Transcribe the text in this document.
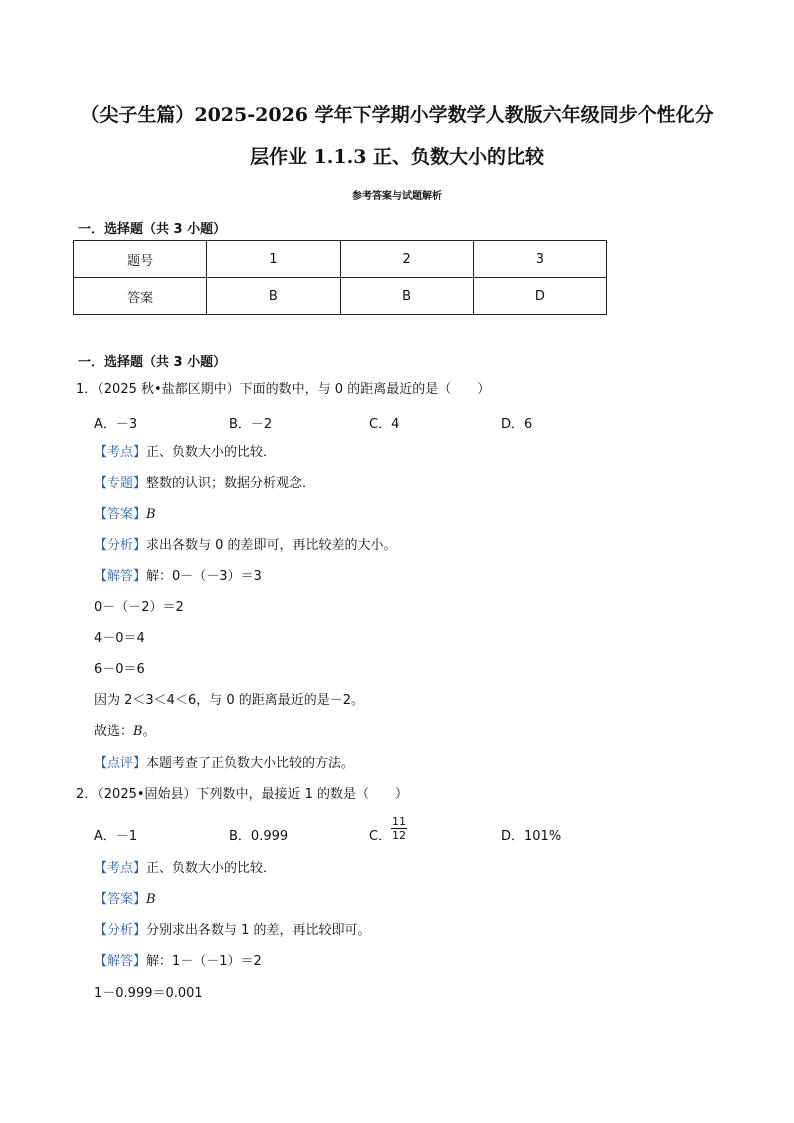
（尖子生篇）2025-2026 学年下学期小学数学人教版六年级同步个性化分
层作业 1.1.3 正、负数大小的比较
参考答案与试题解析
一．选择题（共 3 小题）
题号	1	2	3
答案	B	B	D
一．选择题（共 3 小题）
1．（2025 秋•盐都区期中）下面的数中，与 0 的距离最近的是（　　）
A．－3	B．－2	C．4	D．6
【考点】正、负数大小的比较．
【专题】整数的认识；数据分析观念．
【答案】B
【分析】求出各数与 0 的差即可，再比较差的大小。
【解答】解：0－（－3）＝3
0－（－2）＝2
4－0＝4
6－0＝6
因为 2＜3＜4＜6，与 0 的距离最近的是－2。
故选：B。
【点评】本题考查了正负数大小比较的方法。
2．（2025•固始县）下列数中，最接近 1 的数是（　　）
A．－1	B．0.999	C． $\frac{11}{12}$	D．101%
【考点】正、负数大小的比较．
【答案】B
【分析】分别求出各数与 1 的差，再比较即可。
【解答】解：1－（－1）＝2
1－0.999＝0.001
